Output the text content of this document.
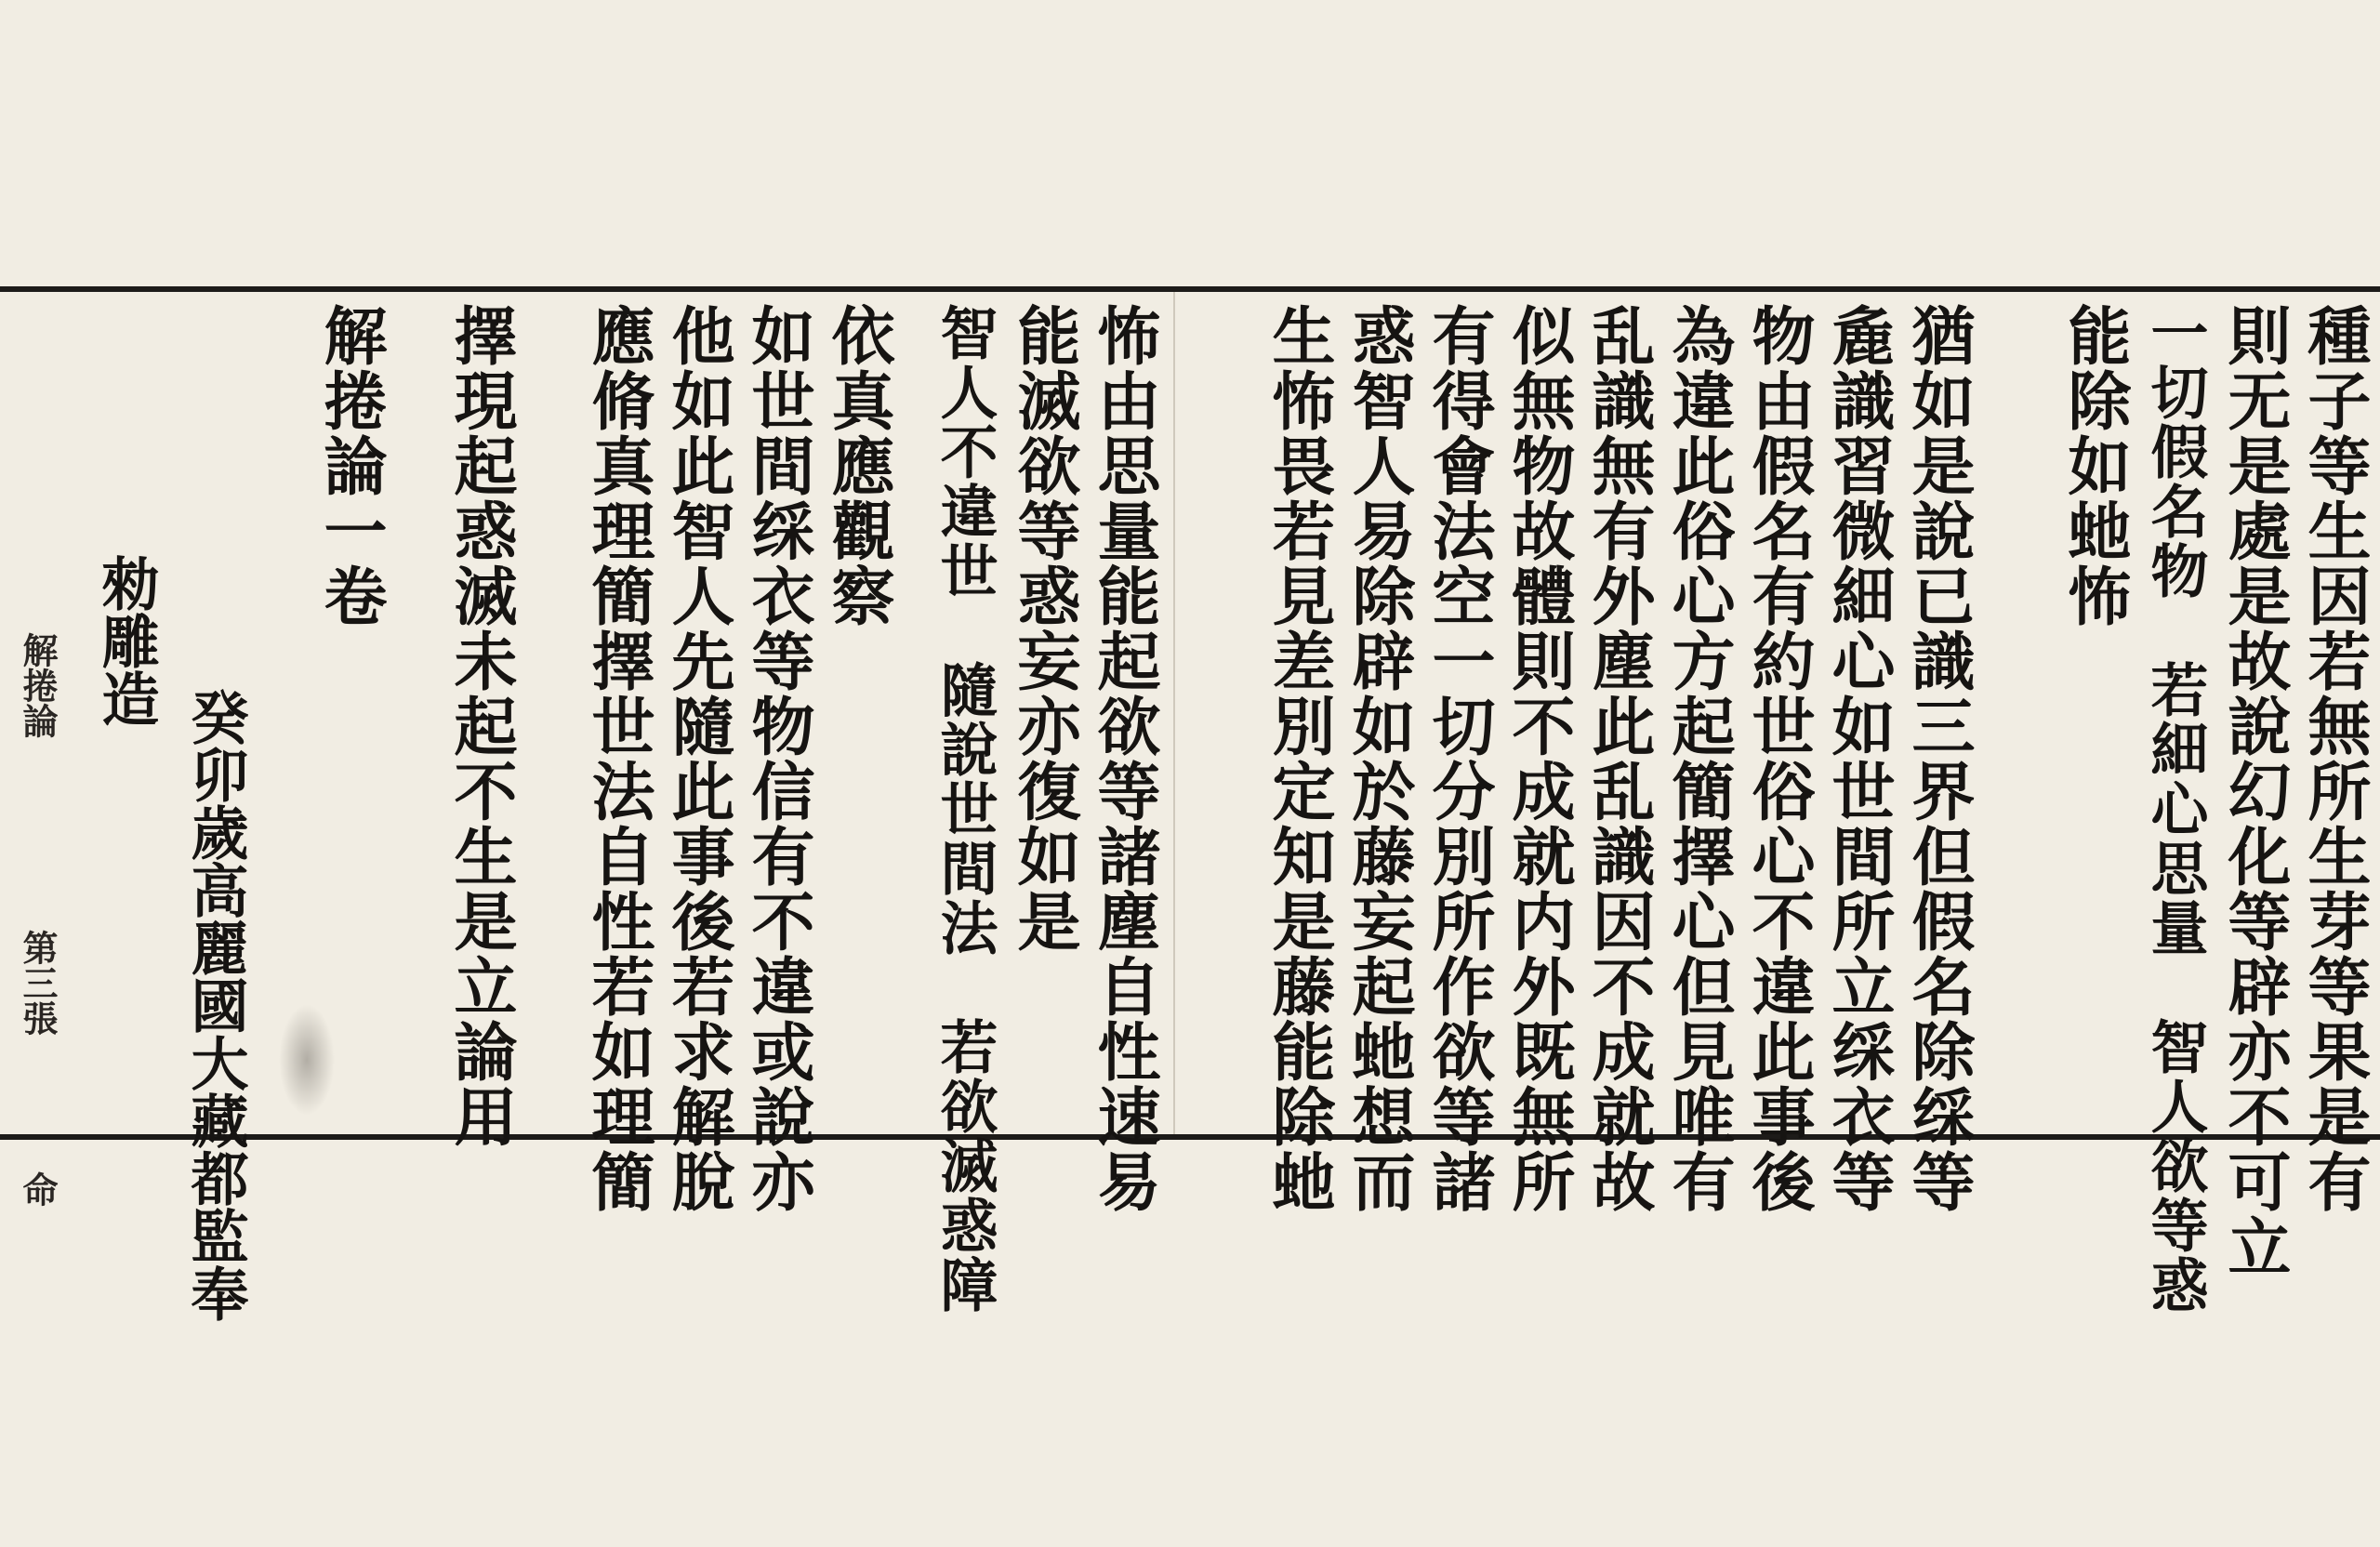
種子等生因若無所生芽等果是有
則无是處是故說幻化等辟亦不可立
一切假名物　若細心思量　智人欲等惑
能除如虵怖
猶如是說已識三界但假名除䌽等
麁識習微細心如世間所立䌽衣等
物由假名有約世俗心不違此事後
為違此俗心方起簡擇心但見唯有
乱識無有外塵此乱識因不成就故
似無物故體則不成就内外既無所
有得會法空一切分別所作欲等諸
惑智人易除辟如於藤妄起虵想而
生怖畏若見差別定知是藤能除虵
怖由思量能起欲等諸塵自性速易
能滅欲等惑妄亦復如是
智人不違世　隨說世間法　若欲滅惑障
依真應觀察
如世間䌽衣等物信有不違或說亦
他如此智人先隨此事後若求解脫
應脩真理簡擇世法自性若如理簡
擇現起惑滅未起不生是立論用
解捲論一卷
癸卯歲高麗國大藏都監奉
勑雕造
解捲論
第三張
命
